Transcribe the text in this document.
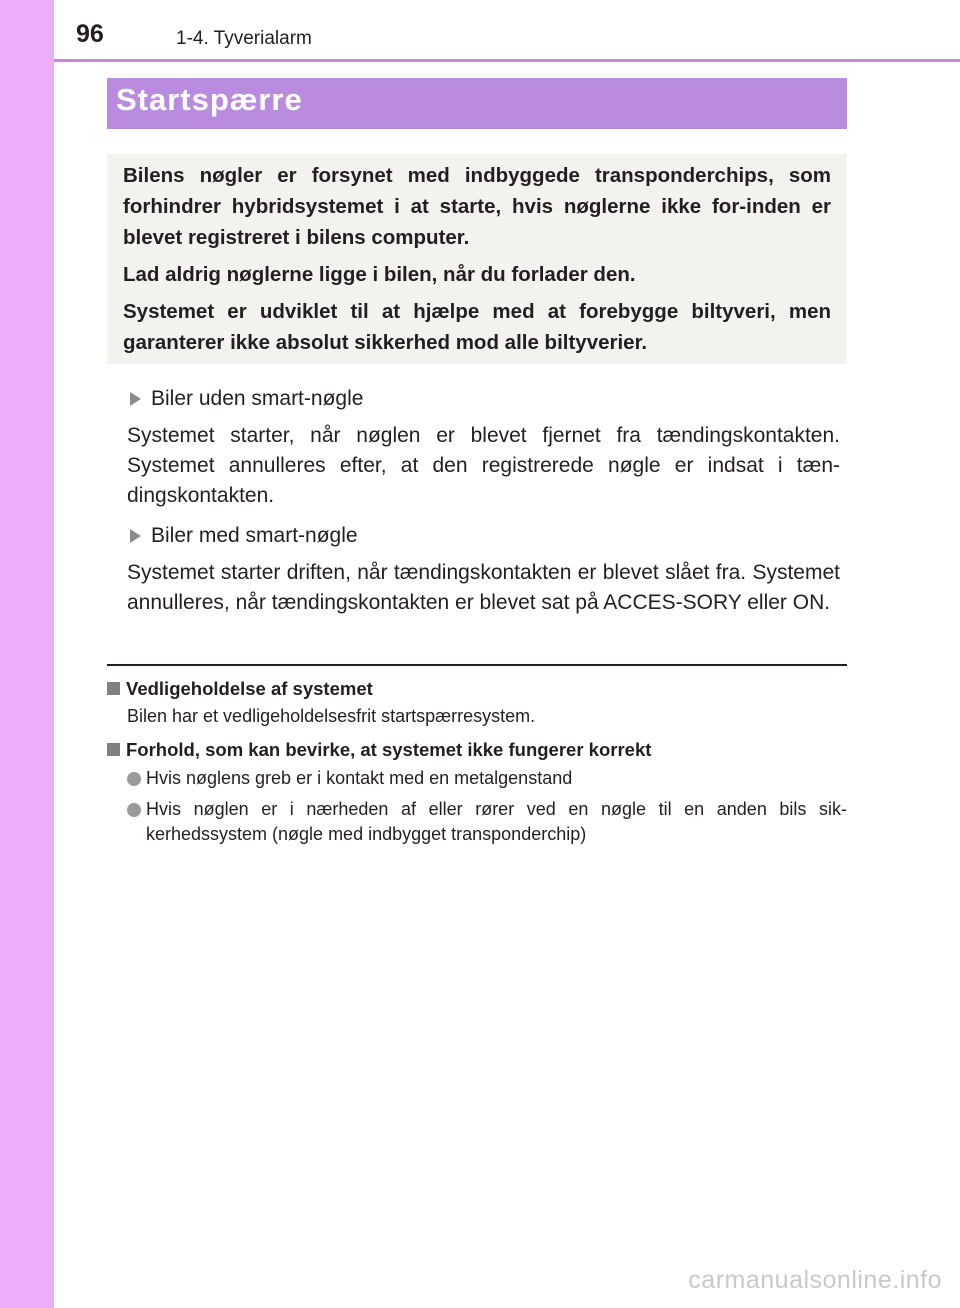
96	1-4. Tyverialarm
Startspærre

Bilens nøgler er forsynet med indbyggede transponderchips, som forhindrer hybridsystemet i at starte, hvis nøglerne ikke for-inden er blevet registreret i bilens computer.

Lad aldrig nøglerne ligge i bilen, når du forlader den.

Systemet er udviklet til at hjælpe med at forebygge biltyveri, men garanterer ikke absolut sikkerhed mod alle biltyverier.

Biler uden smart-nøgle

Systemet starter, når nøglen er blevet fjernet fra tændingskontakten. Systemet annulleres efter, at den registrerede nøgle er indsat i tæn-dingskontakten.

Biler med smart-nøgle

Systemet starter driften, når tændingskontakten er blevet slået fra. Systemet annulleres, når tændingskontakten er blevet sat på ACCES-SORY eller ON.

Vedligeholdelse af systemet
Bilen har et vedligeholdelsesfrit startspærresystem.
Forhold, som kan bevirke, at systemet ikke fungerer korrekt
Hvis nøglens greb er i kontakt med en metalgenstand
Hvis nøglen er i nærheden af eller rører ved en nøgle til en anden bils sik-kerhedssystem (nøgle med indbygget transponderchip)
carmanualsonline.info
